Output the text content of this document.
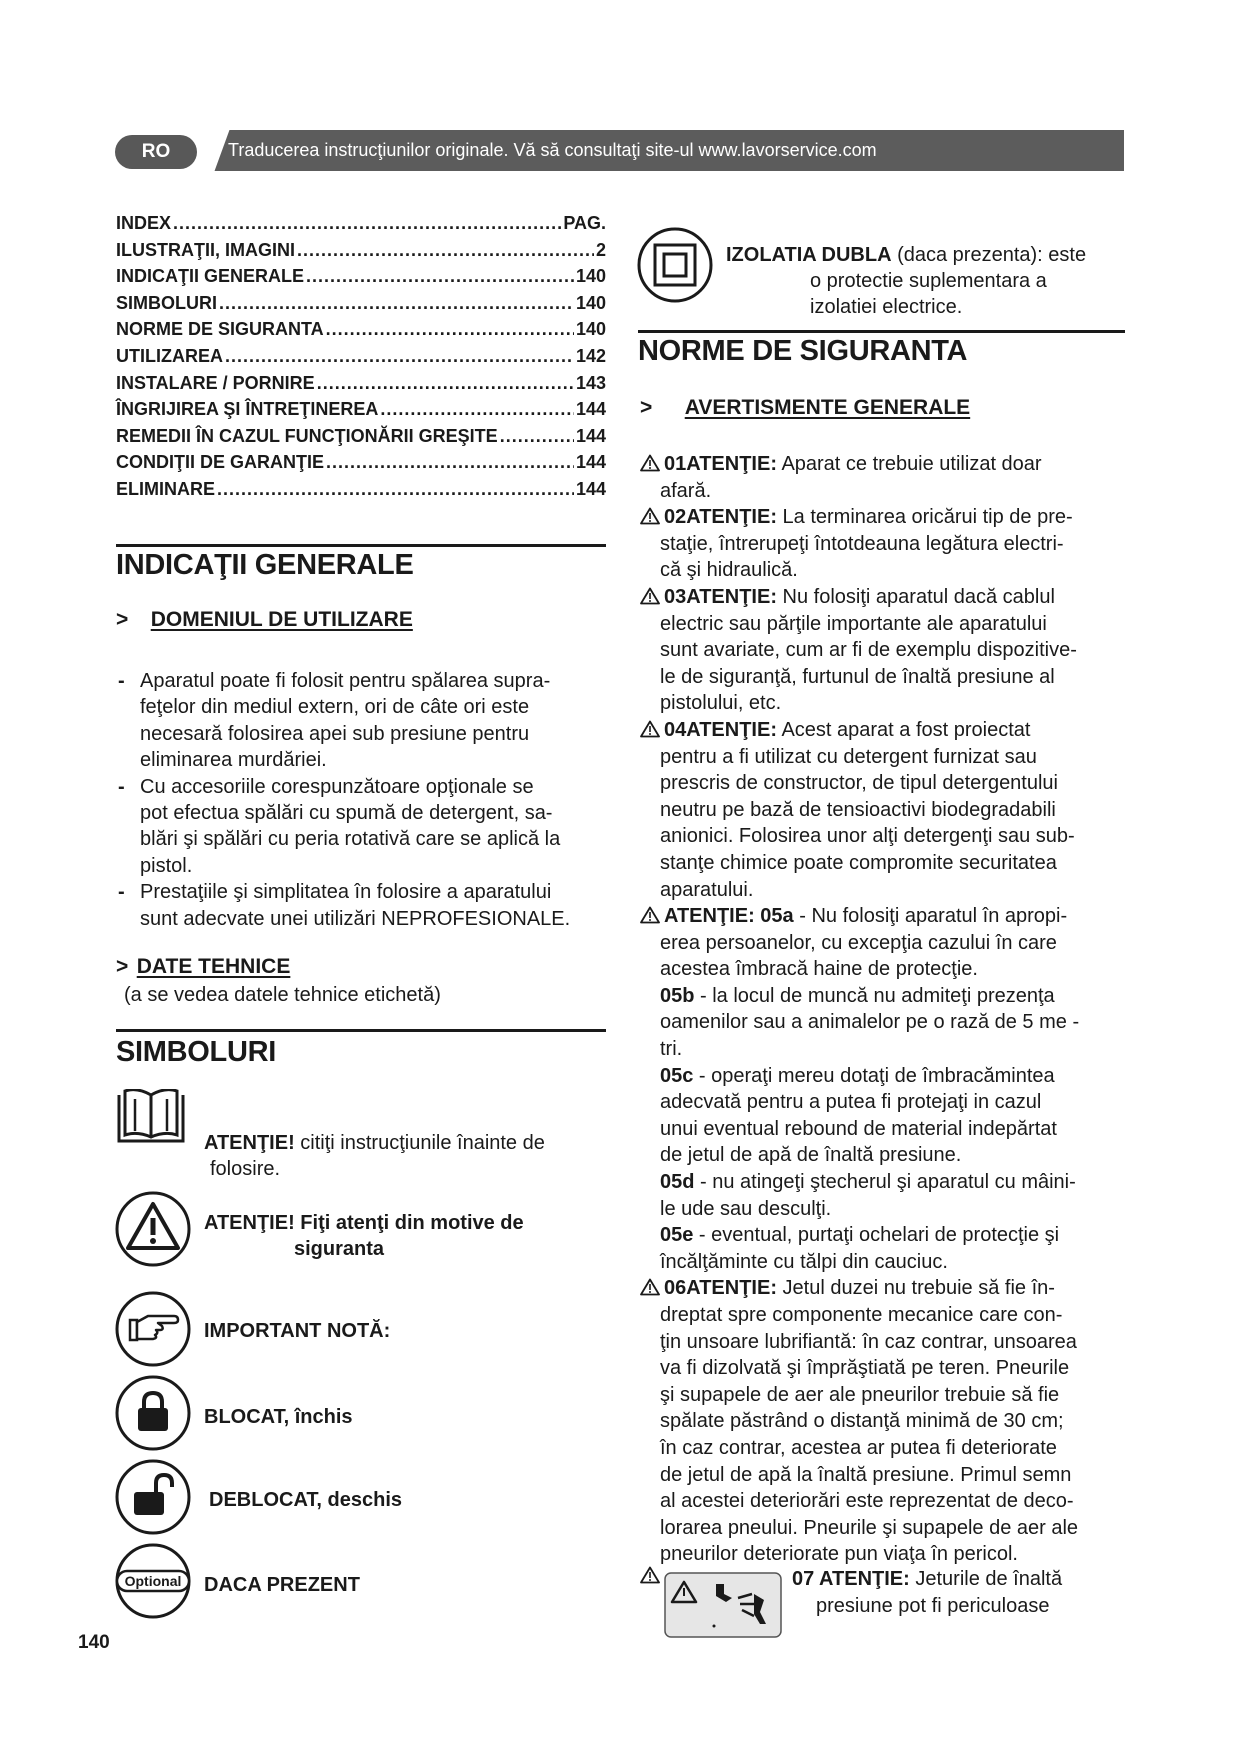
RO	Traducerea instrucţiunilor originale. Vă să consultaţi site-ul www.lavorservice.com
INDEX .....	PAG.
ILUSTRAŢII, IMAGINI .....	2
INDICAŢII GENERALE .....	140
SIMBOLURI .....	140
NORME DE SIGURANTA .....	140
UTILIZAREA .....	142
INSTALARE / PORNIRE .....	143
ÎNGRIJIREA ŞI ÎNTREŢINEREA .....	144
REMEDII ÎN CAZUL FUNCŢIONĂRII GREŞITE .....	144
CONDIŢII DE GARANŢIE .....	144
ELIMINARE .....	144
INDICAŢII GENERALE
> DOMENIUL DE UTILIZARE
- Aparatul poate fi folosit pentru spălarea supra-
feţelor din mediul extern, ori de câte ori este
necesară folosirea apei sub presiune pentru
eliminarea murdăriei.
- Cu accesoriile corespunzătoare opţionale se
pot efectua spălări cu spumă de detergent, sa-
blări şi spălări cu peria rotativă care se aplică la
pistol.
- Prestaţiile şi simplitatea în folosire a aparatului
sunt adecvate unei utilizări NEPROFESIONALE.
> DATE TEHNICE
(a se vedea datele tehnice etichetă)
SIMBOLURI
ATENŢIE! citiţi instrucţiunile înainte de
folosire.
ATENŢIE! Fiţi atenţi din motive de
siguranta
IMPORTANT NOTĂ:
BLOCAT, închis
DEBLOCAT, deschis
Optional DACA PREZENT
IZOLATIA DUBLA (daca prezenta): este
o protectie suplementara a
izolatiei electrice.
NORME DE SIGURANTA
> AVERTISMENTE GENERALE
01ATENŢIE: Aparat ce trebuie utilizat doar
afară.
02ATENŢIE: La terminarea oricărui tip de pre-
staţie, întrerupeţi întotdeauna legătura electri-
că şi hidraulică.
03ATENŢIE: Nu folosiţi aparatul dacă cablul
electric sau părţile importante ale aparatului
sunt avariate, cum ar fi de exemplu dispozitive-
le de siguranţă, furtunul de înaltă presiune al
pistolului, etc.
04ATENŢIE: Acest aparat a fost proiectat
pentru a fi utilizat cu detergent furnizat sau
prescris de constructor, de tipul detergentului
neutru pe bază de tensioactivi biodegradabili
anionici. Folosirea unor alţi detergenţi sau sub-
stanţe chimice poate compromite securitatea
aparatului.
ATENŢIE: 05a - Nu folosiţi aparatul în apropi-
erea persoanelor, cu excepţia cazului în care
acestea îmbracă haine de protecţie.
05b - la locul de muncă nu admiteţi prezenţa
oamenilor sau a animalelor pe o rază de 5 me -
tri.
05c - operaţi mereu dotaţi de îmbracămintea
adecvată pentru a putea fi protejaţi in cazul
unui eventual rebound de material indepărtat
de jetul de apă de înaltă presiune.
05d - nu atingeţi ştecherul şi aparatul cu mâini-
le ude sau desculţi.
05e - eventual, purtaţi ochelari de protecţie şi
încălţăminte cu tălpi din cauciuc.
06ATENŢIE: Jetul duzei nu trebuie să fie în-
dreptat spre componente mecanice care con-
ţin unsoare lubrifiantă: în caz contrar, unsoarea
va fi dizolvată şi împrăştiată pe teren. Pneurile
şi supapele de aer ale pneurilor trebuie să fie
spălate păstrând o distanţă minimă de 30 cm;
în caz contrar, acestea ar putea fi deteriorate
de jetul de apă la înaltă presiune. Primul semn
al acestei deteriorări este reprezentat de deco-
lorarea pneului. Pneurile şi supapele de aer ale
pneurilor deteriorate pun viaţa în pericol.
07 ATENŢIE: Jeturile de înaltă
presiune pot fi periculoase
140
